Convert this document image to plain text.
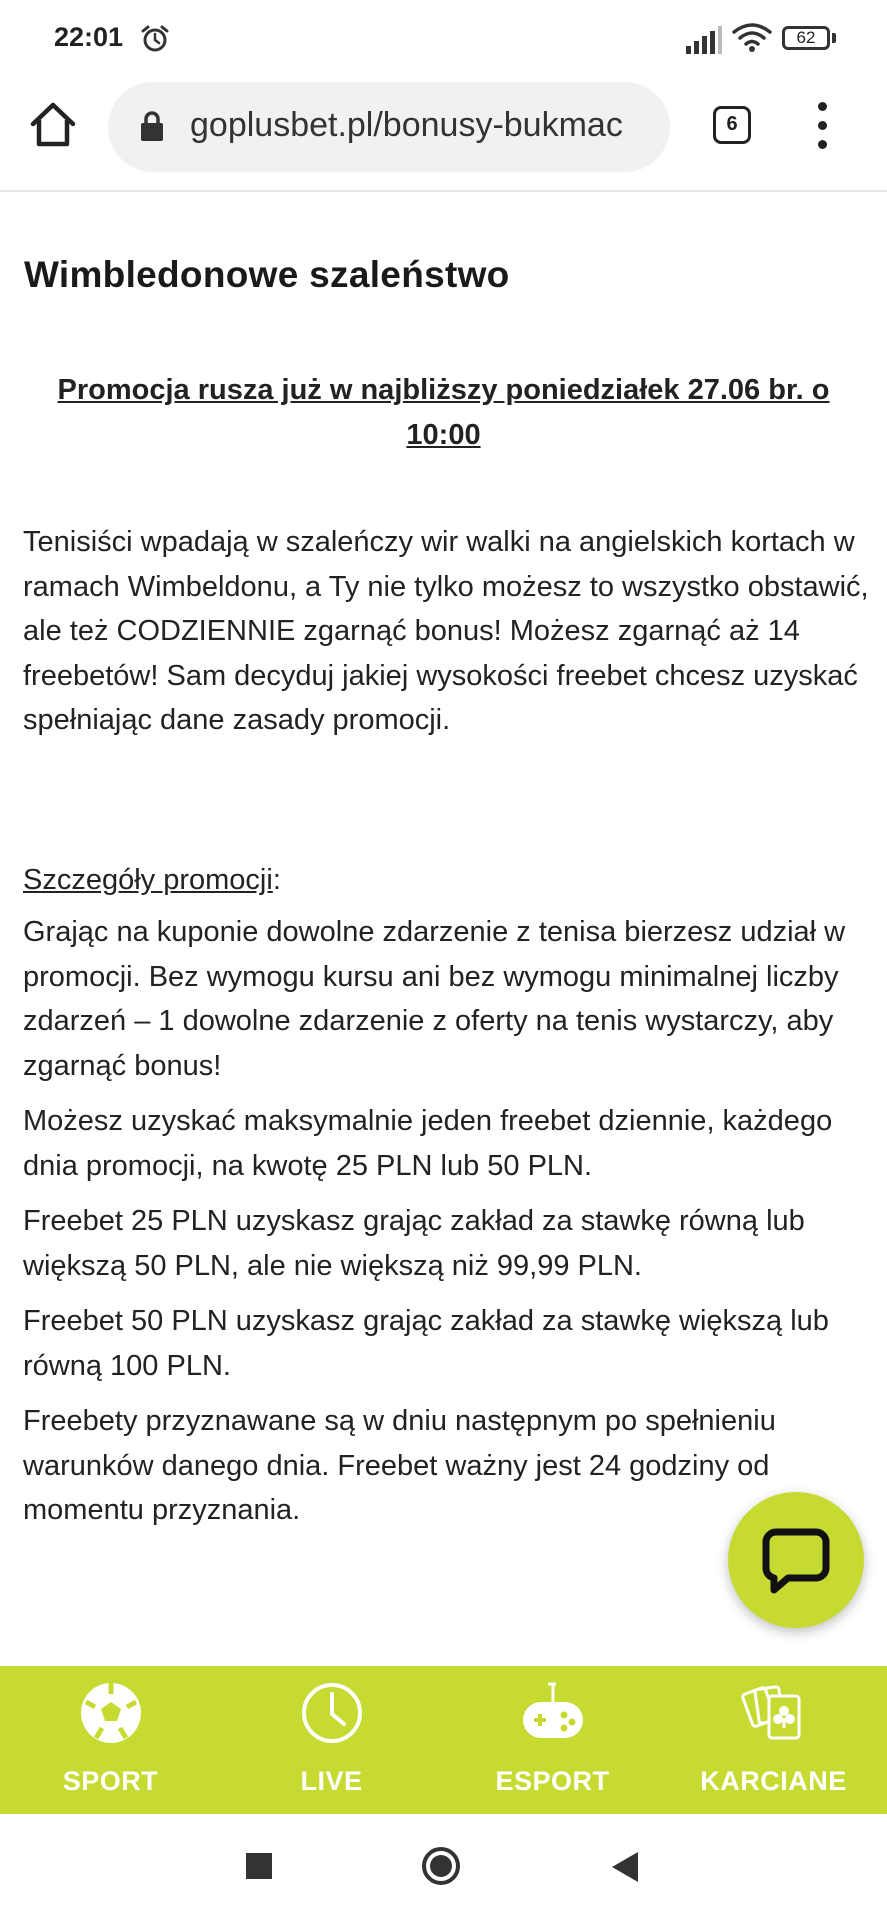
22:01	62
goplusbet.pl/bonusy-bukmac	6
Wimbledonowe szaleństwo
Promocja rusza już w najbliższy poniedziałek 27.06 br. o 10:00
Tenisiści wpadają w szaleńczy wir walki na angielskich kortach w ramach Wimbeldonu, a Ty nie tylko możesz to wszystko obstawić, ale też CODZIENNIE zgarnąć bonus! Możesz zgarnąć aż 14 freebetów! Sam decyduj jakiej wysokości freebet chcesz uzyskać spełniając dane zasady promocji.
Szczegóły promocji:
Grając na kuponie dowolne zdarzenie z tenisa bierzesz udział w promocji. Bez wymogu kursu ani bez wymogu minimalnej liczby zdarzeń – 1 dowolne zdarzenie z oferty na tenis wystarczy, aby zgarnąć bonus!
Możesz uzyskać maksymalnie jeden freebet dziennie, każdego dnia promocji, na kwotę 25 PLN lub 50 PLN.
Freebet 25 PLN uzyskasz grając zakład za stawkę równą lub większą 50 PLN, ale nie większą niż 99,99 PLN.
Freebet 50 PLN uzyskasz grając zakład za stawkę większą lub równą 100 PLN.
Freebety przyznawane są w dniu następnym po spełnieniu warunków danego dnia. Freebet ważny jest 24 godziny od momentu przyznania.
SPORT	LIVE	ESPORT	KARCIANE
